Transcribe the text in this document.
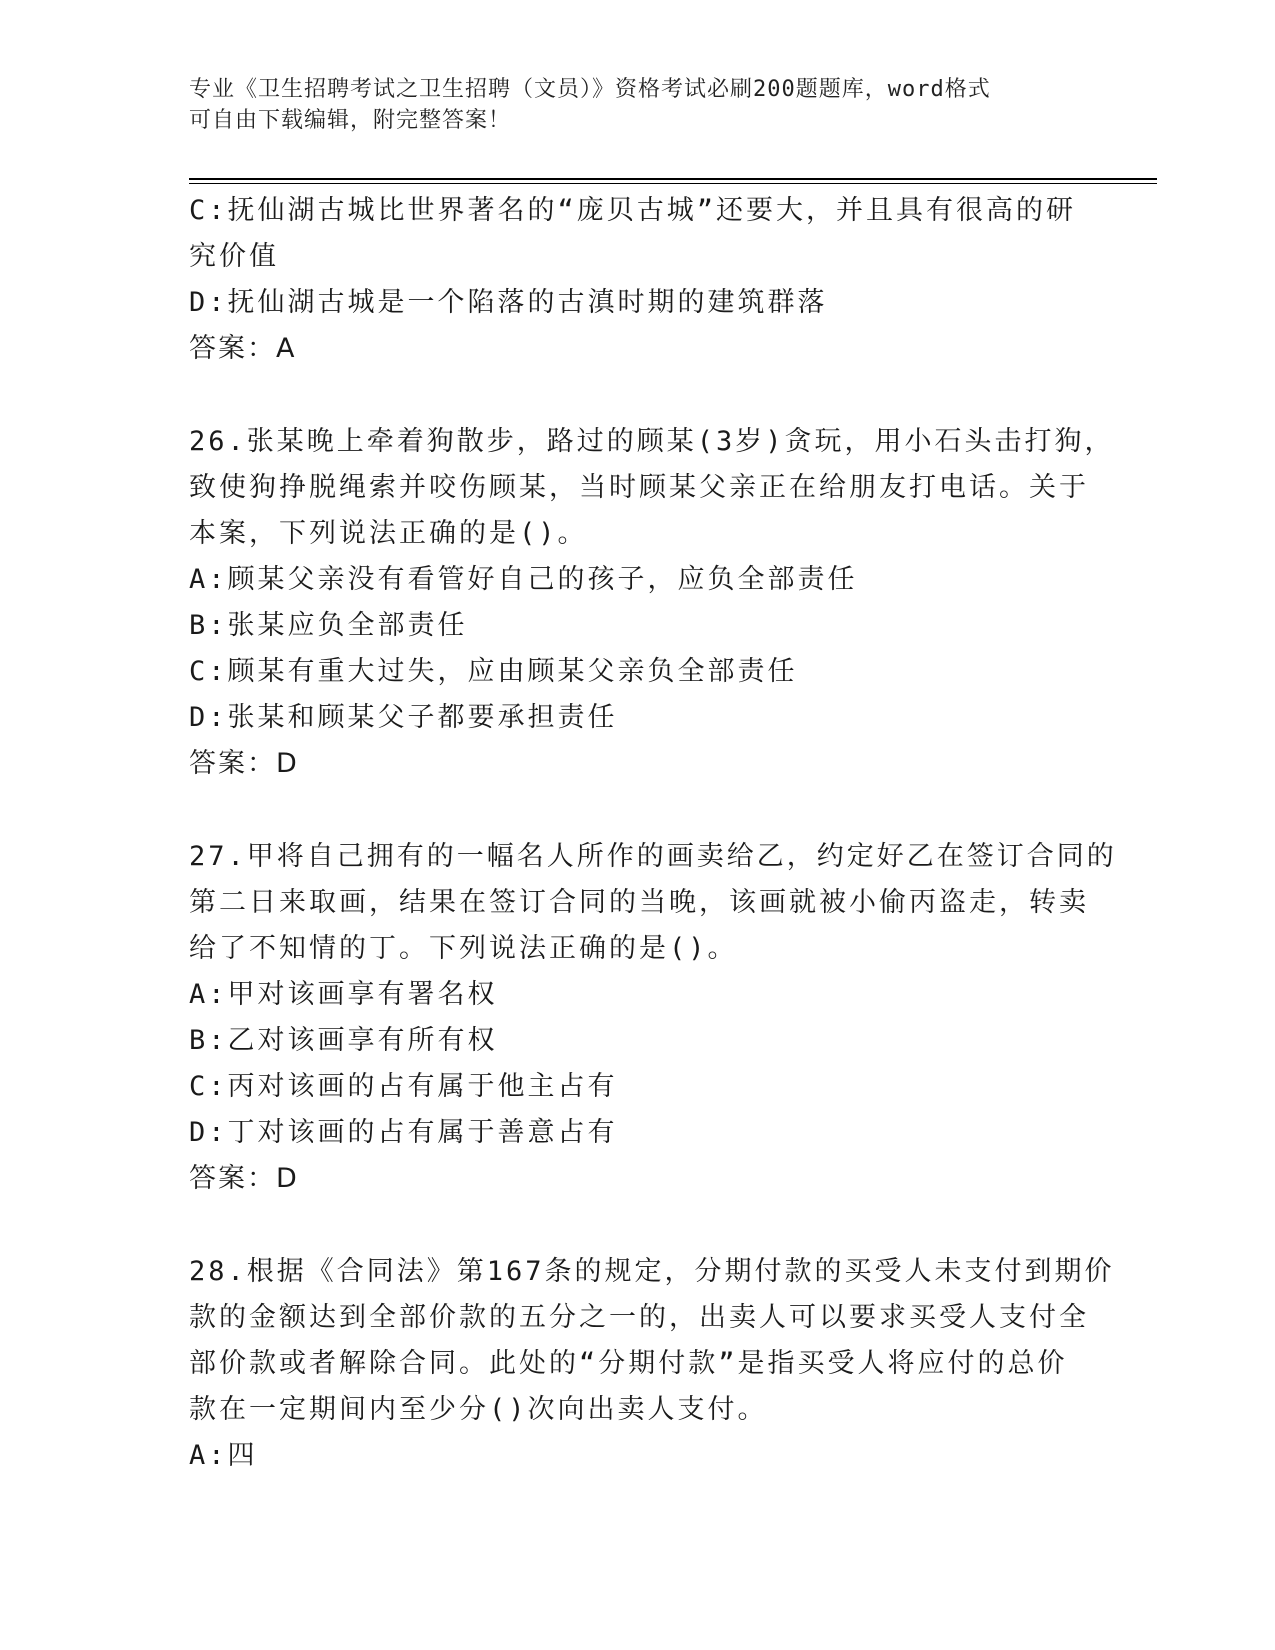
专业《卫生招聘考试之卫生招聘（文员）》资格考试必刷200题题库，word格式
可自由下载编辑，附完整答案！
C:抚仙湖古城比世界著名的“庞贝古城”还要大，并且具有很高的研
究价值
D:抚仙湖古城是一个陷落的古滇时期的建筑群落
答案：A
26.张某晚上牵着狗散步，路过的顾某(3岁)贪玩，用小石头击打狗，
致使狗挣脱绳索并咬伤顾某，当时顾某父亲正在给朋友打电话。关于
本案，下列说法正确的是()。
A:顾某父亲没有看管好自己的孩子，应负全部责任
B:张某应负全部责任
C:顾某有重大过失，应由顾某父亲负全部责任
D:张某和顾某父子都要承担责任
答案：D
27.甲将自己拥有的一幅名人所作的画卖给乙，约定好乙在签订合同的
第二日来取画，结果在签订合同的当晚，该画就被小偷丙盗走，转卖
给了不知情的丁。下列说法正确的是()。
A:甲对该画享有署名权
B:乙对该画享有所有权
C:丙对该画的占有属于他主占有
D:丁对该画的占有属于善意占有
答案：D
28.根据《合同法》第167条的规定，分期付款的买受人未支付到期价
款的金额达到全部价款的五分之一的，出卖人可以要求买受人支付全
部价款或者解除合同。此处的“分期付款”是指买受人将应付的总价
款在一定期间内至少分()次向出卖人支付。
A:四
